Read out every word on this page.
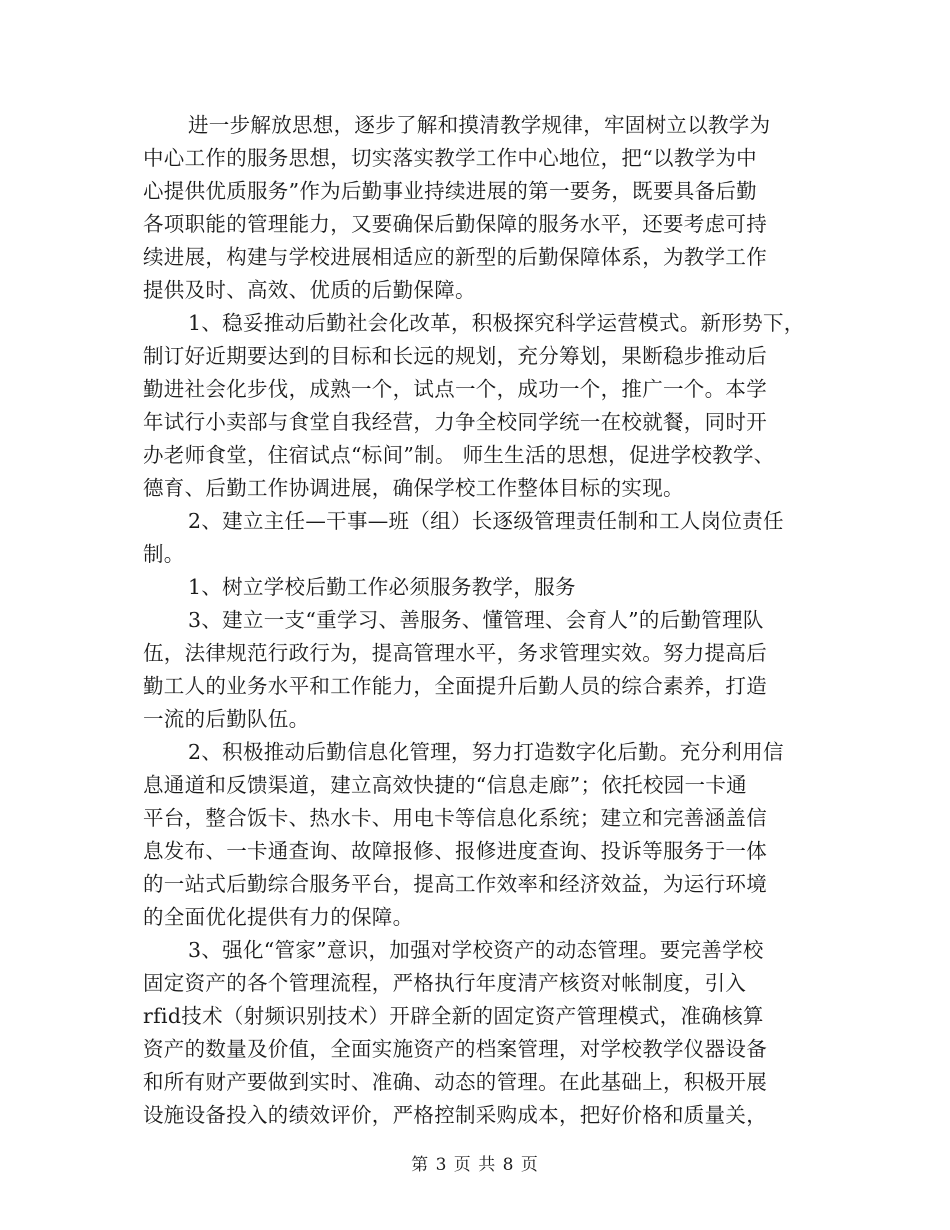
进一步解放思想，逐步了解和摸清教学规律，牢固树立以教学为
中心工作的服务思想，切实落实教学工作中心地位，把“以教学为中
心提供优质服务”作为后勤事业持续进展的第一要务，既要具备后勤
各项职能的管理能力，又要确保后勤保障的服务水平，还要考虑可持
续进展，构建与学校进展相适应的新型的后勤保障体系，为教学工作
提供及时、高效、优质的后勤保障。
1、稳妥推动后勤社会化改革，积极探究科学运营模式。新形势下，
制订好近期要达到的目标和长远的规划，充分筹划，果断稳步推动后
勤进社会化步伐，成熟一个，试点一个，成功一个，推广一个。本学
年试行小卖部与食堂自我经营，力争全校同学统一在校就餐，同时开
办老师食堂，住宿试点“标间”制。 师生生活的思想，促进学校教学、
德育、后勤工作协调进展，确保学校工作整体目标的实现。
2、建立主任—干事—班（组）长逐级管理责任制和工人岗位责任
制。
1、树立学校后勤工作必须服务教学，服务
3、建立一支“重学习、善服务、懂管理、会育人”的后勤管理队
伍，法律规范行政行为，提高管理水平，务求管理实效。努力提高后
勤工人的业务水平和工作能力，全面提升后勤人员的综合素养，打造
一流的后勤队伍。
2、积极推动后勤信息化管理，努力打造数字化后勤。充分利用信
息通道和反馈渠道，建立高效快捷的“信息走廊”；依托校园一卡通
平台，整合饭卡、热水卡、用电卡等信息化系统；建立和完善涵盖信
息发布、一卡通查询、故障报修、报修进度查询、投诉等服务于一体
的一站式后勤综合服务平台，提高工作效率和经济效益，为运行环境
的全面优化提供有力的保障。
3、强化“管家”意识，加强对学校资产的动态管理。要完善学校
固定资产的各个管理流程，严格执行年度清产核资对帐制度，引入
rfid技术（射频识别技术）开辟全新的固定资产管理模式，准确核算
资产的数量及价值，全面实施资产的档案管理，对学校教学仪器设备
和所有财产要做到实时、准确、动态的管理。在此基础上，积极开展
设施设备投入的绩效评价，严格控制采购成本，把好价格和质量关，
第 3 页 共 8 页
